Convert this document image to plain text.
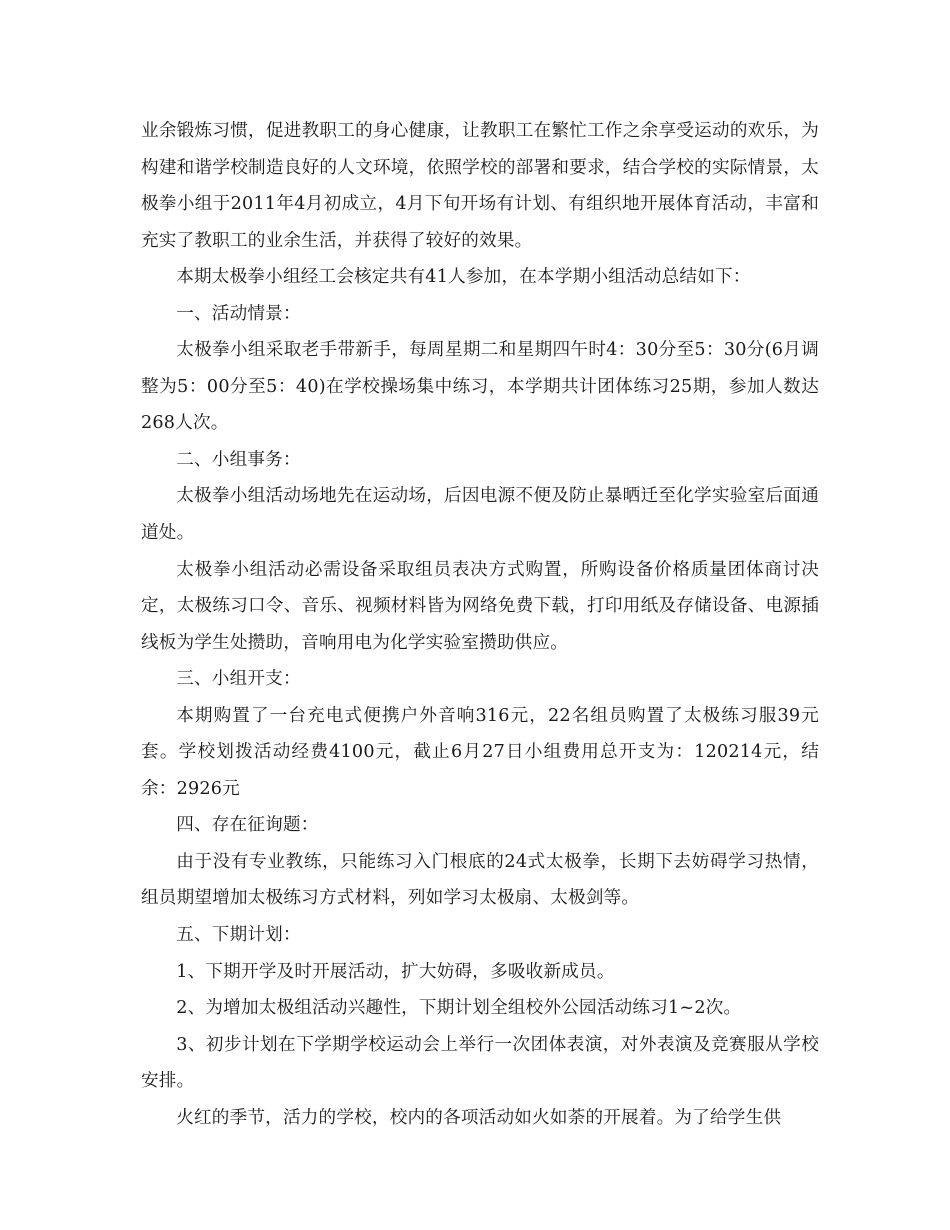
业余锻炼习惯，促进教职工的身心健康，让教职工在繁忙工作之余享受运动的欢乐，为构建和谐学校制造良好的人文环境，依照学校的部署和要求，结合学校的实际情景，太极拳小组于2011年4月初成立，4月下旬开场有计划、有组织地开展体育活动，丰富和充实了教职工的业余生活，并获得了较好的效果。

本期太极拳小组经工会核定共有41人参加，在本学期小组活动总结如下：

一、活动情景：

太极拳小组采取老手带新手，每周星期二和星期四午时4：30分至5：30分(6月调整为5：00分至5：40)在学校操场集中练习，本学期共计团体练习25期，参加人数达268人次。

二、小组事务：

太极拳小组活动场地先在运动场，后因电源不便及防止暴晒迁至化学实验室后面通道处。

太极拳小组活动必需设备采取组员表决方式购置，所购设备价格质量团体商讨决定，太极练习口令、音乐、视频材料皆为网络免费下载，打印用纸及存储设备、电源插线板为学生处攒助，音响用电为化学实验室攒助供应。

三、小组开支：

本期购置了一台充电式便携户外音响316元，22名组员购置了太极练习服39元套。学校划拨活动经费4100元，截止6月27日小组费用总开支为：120214元，结余：2926元

四、存在征询题：

由于没有专业教练，只能练习入门根底的24式太极拳，长期下去妨碍学习热情，组员期望增加太极练习方式材料，列如学习太极扇、太极剑等。

五、下期计划：

1、下期开学及时开展活动，扩大妨碍，多吸收新成员。

2、为增加太极组活动兴趣性，下期计划全组校外公园活动练习1~2次。

3、初步计划在下学期学校运动会上举行一次团体表演，对外表演及竞赛服从学校安排。

火红的季节，活力的学校，校内的各项活动如火如荼的开展着。为了给学生供
